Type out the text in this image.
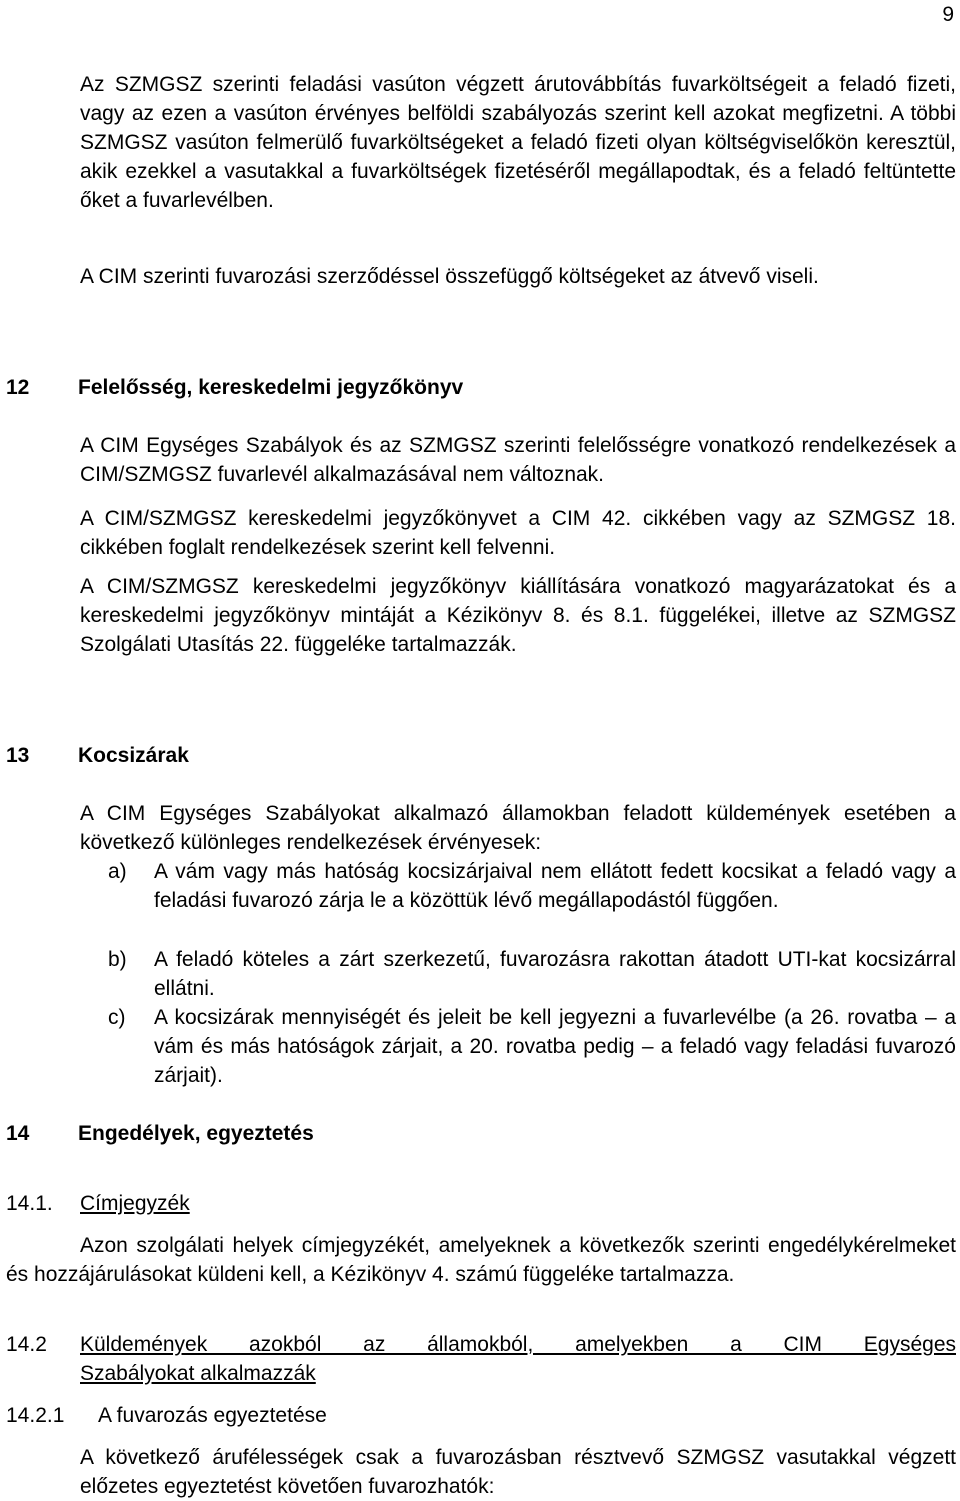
9

Az SZMGSZ szerinti feladási vasúton végzett árutovábbítás fuvarköltségeit a feladó fizeti, vagy az ezen a vasúton érvényes belföldi szabályozás szerint kell azokat megfizetni. A többi SZMGSZ vasúton felmerülő fuvarköltségeket a feladó fizeti olyan költségviselőkön keresztül, akik ezekkel a vasutakkal a fuvarköltségek fizetéséről megállapodtak, és a feladó feltüntette őket a fuvarlevélben.

A CIM szerinti fuvarozási szerződéssel összefüggő költségeket az átvevő viseli.

12 Felelősség, kereskedelmi jegyzőkönyv

A CIM Egységes Szabályok és az SZMGSZ szerinti felelősségre vonatkozó rendelkezések a CIM/SZMGSZ fuvarlevél alkalmazásával nem változnak.

A CIM/SZMGSZ kereskedelmi jegyzőkönyvet a CIM 42. cikkében vagy az SZMGSZ 18. cikkében foglalt rendelkezések szerint kell felvenni.

A CIM/SZMGSZ kereskedelmi jegyzőkönyv kiállítására vonatkozó magyarázatokat és a kereskedelmi jegyzőkönyv mintáját a Kézikönyv 8. és 8.1. függelékei, illetve az SZMGSZ Szolgálati Utasítás 22. függeléke tartalmazzák.

13 Kocsizárak

A CIM Egységes Szabályokat alkalmazó államokban feladott küldemények esetében a következő különleges rendelkezések érvényesek:

a) A vám vagy más hatóság kocsizárjaival nem ellátott fedett kocsikat a feladó vagy a feladási fuvarozó zárja le a közöttük lévő megállapodástól függően.
b) A feladó köteles a zárt szerkezetű, fuvarozásra rakottan átadott UTI-kat kocsizárral ellátni.
c) A kocsizárak mennyiségét és jeleit be kell jegyezni a fuvarlevélbe (a 26. rovatba – a vám és más hatóságok zárjait, a 20. rovatba pedig – a feladó vagy feladási fuvarozó zárjait).
14 Engedélyek, egyeztetés
14.1. Címjegyzék

Azon szolgálati helyek címjegyzékét, amelyeknek a következők szerinti engedélykérelmeket és hozzájárulásokat küldeni kell, a Kézikönyv 4. számú függeléke tartalmazza.

14.2 Küldemények azokból az államokból, amelyekben a CIM Egységes
Szabályokat alkalmazzák
14.2.1 A fuvarozás egyeztetése

A következő árufélességek csak a fuvarozásban résztvevő SZMGSZ vasutakkal végzett előzetes egyeztetést követően fuvarozhatók:
